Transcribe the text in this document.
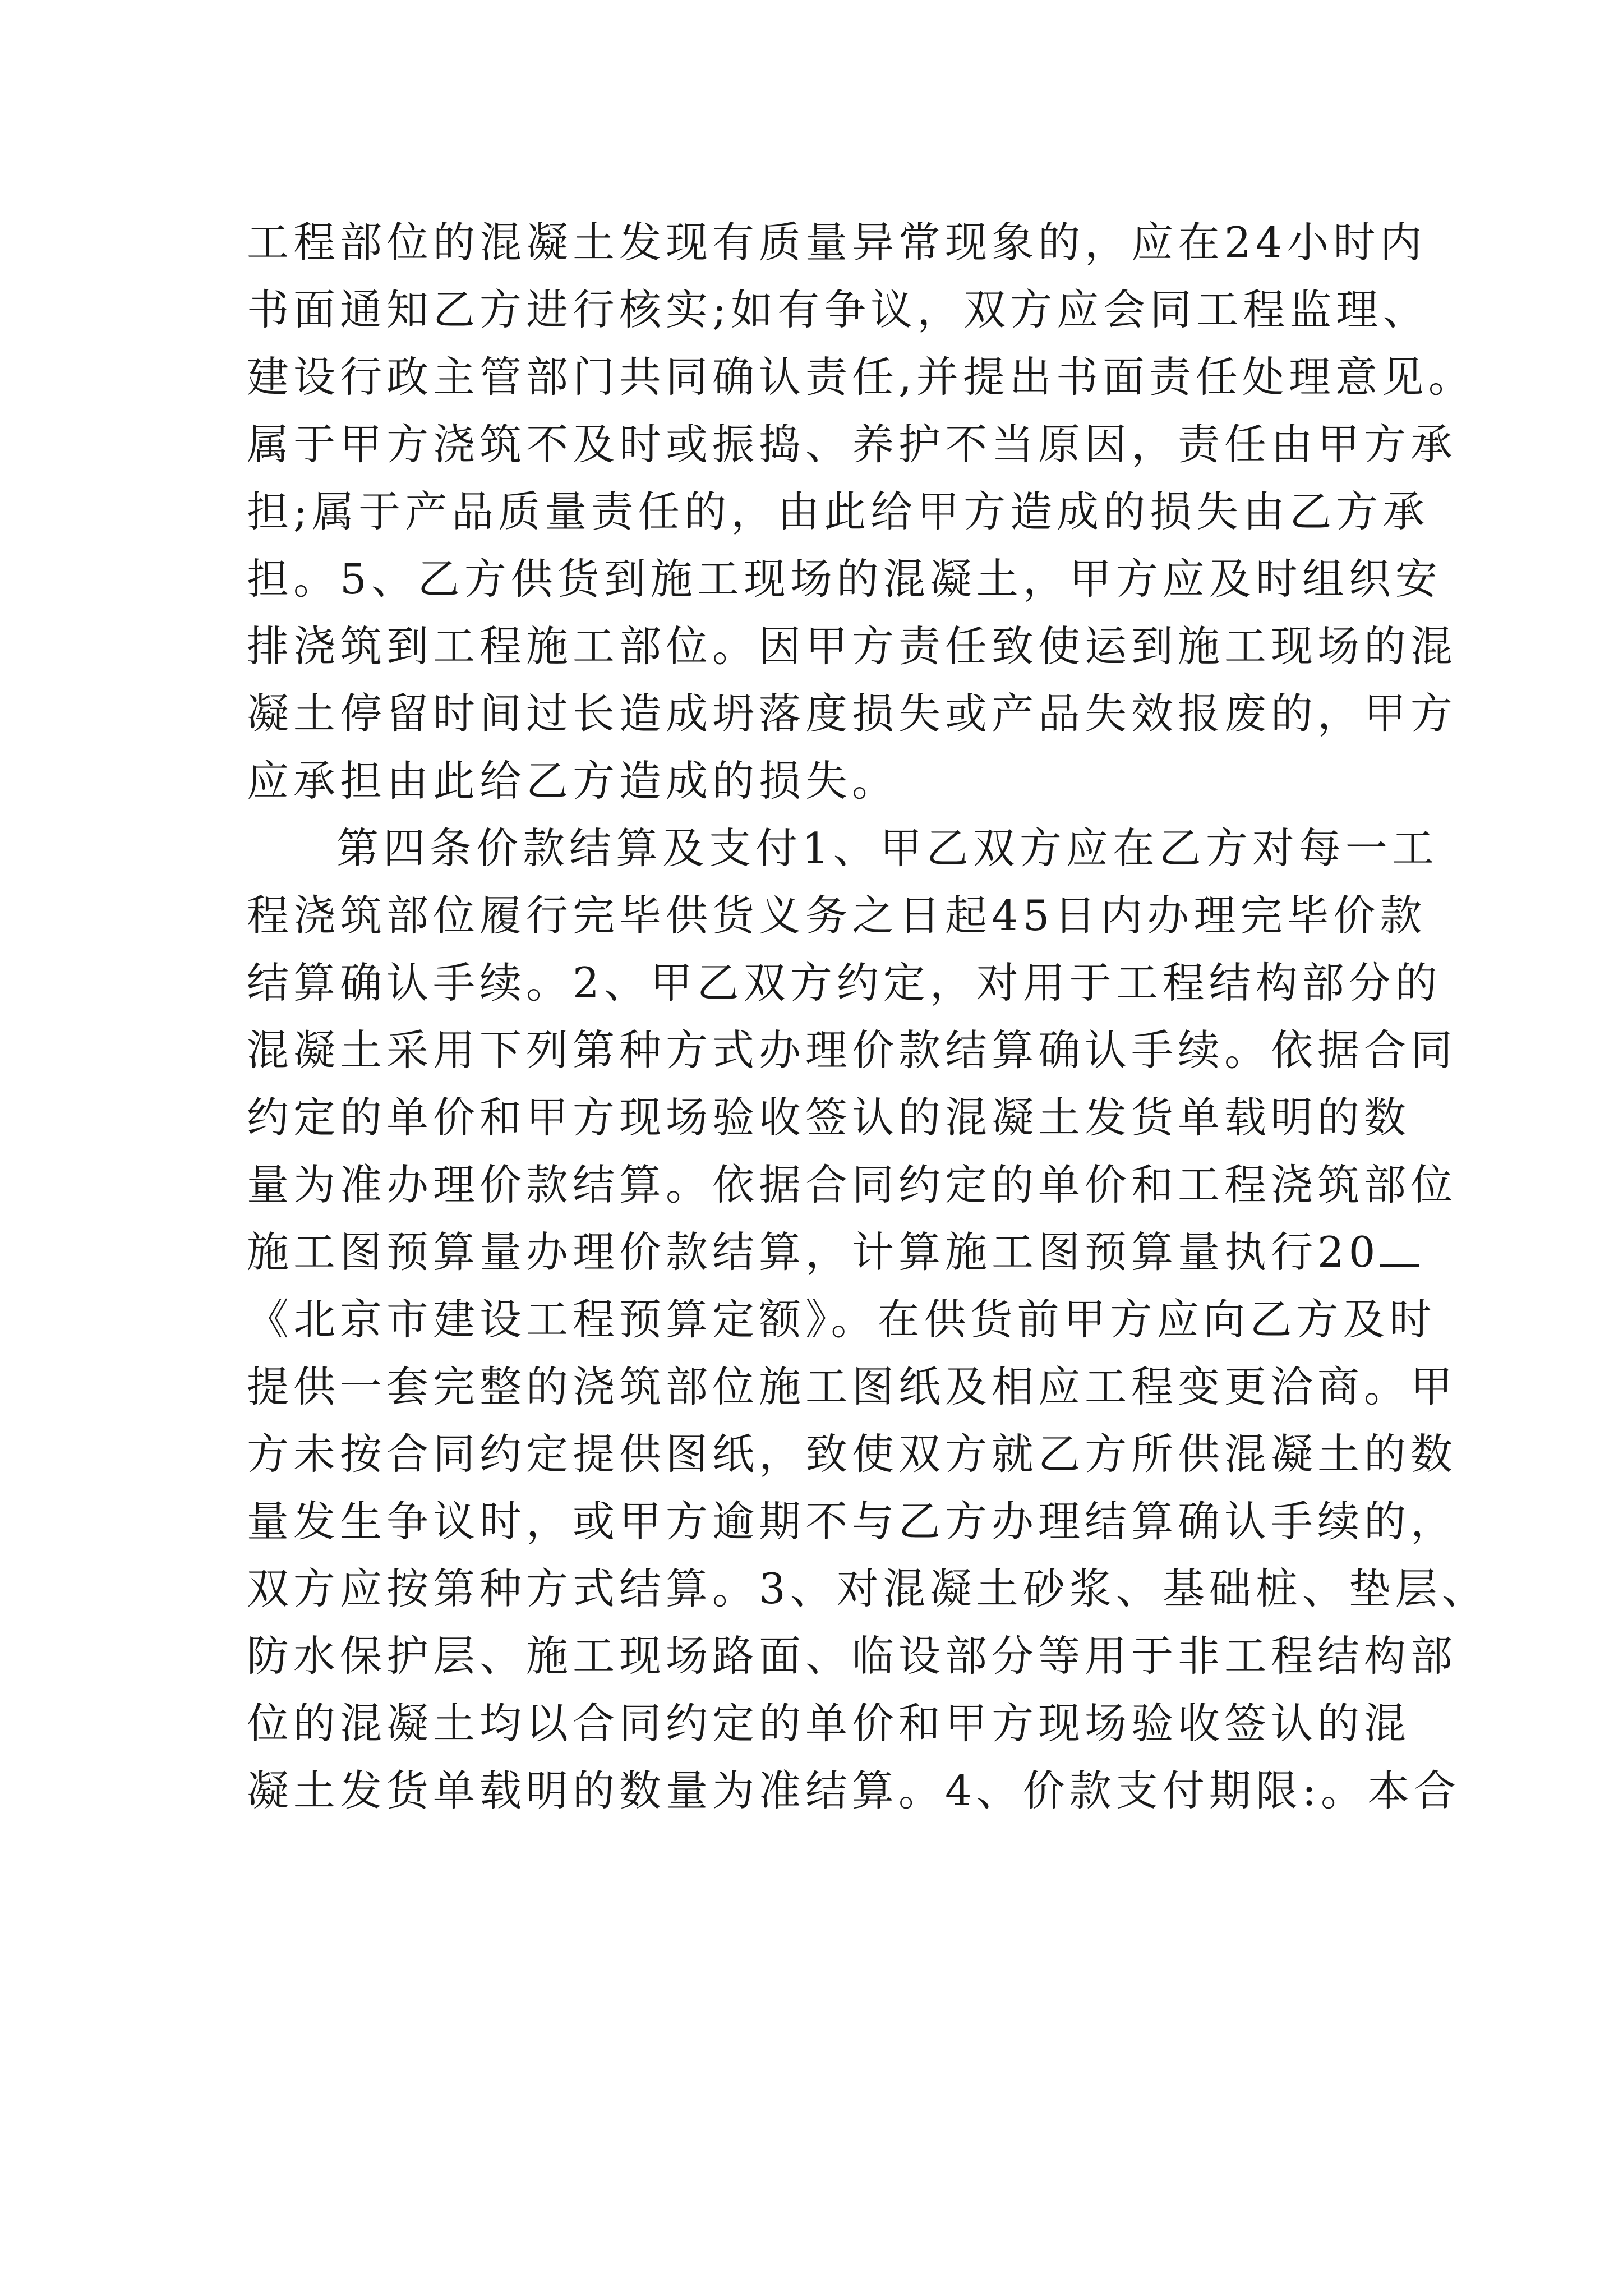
工程部位的混凝土发现有质量异常现象的，应在24小时内
书面通知乙方进行核实;如有争议，双方应会同工程监理、
建设行政主管部门共同确认责任,并提出书面责任处理意见。
属于甲方浇筑不及时或振捣、养护不当原因，责任由甲方承
担;属于产品质量责任的，由此给甲方造成的损失由乙方承
担。5、乙方供货到施工现场的混凝土，甲方应及时组织安
排浇筑到工程施工部位。因甲方责任致使运到施工现场的混
凝土停留时间过长造成坍落度损失或产品失效报废的，甲方
应承担由此给乙方造成的损失。
第四条价款结算及支付1、甲乙双方应在乙方对每一工
程浇筑部位履行完毕供货义务之日起45日内办理完毕价款
结算确认手续。2、甲乙双方约定，对用于工程结构部分的
混凝土采用下列第种方式办理价款结算确认手续。依据合同
约定的单价和甲方现场验收签认的混凝土发货单载明的数
量为准办理价款结算。依据合同约定的单价和工程浇筑部位
施工图预算量办理价款结算，计算施工图预算量执行20
《北京市建设工程预算定额》。在供货前甲方应向乙方及时
提供一套完整的浇筑部位施工图纸及相应工程变更洽商。甲
方未按合同约定提供图纸，致使双方就乙方所供混凝土的数
量发生争议时，或甲方逾期不与乙方办理结算确认手续的，
双方应按第种方式结算。3、对混凝土砂浆、基础桩、垫层、
防水保护层、施工现场路面、临设部分等用于非工程结构部
位的混凝土均以合同约定的单价和甲方现场验收签认的混
凝土发货单载明的数量为准结算。4、价款支付期限:。本合
